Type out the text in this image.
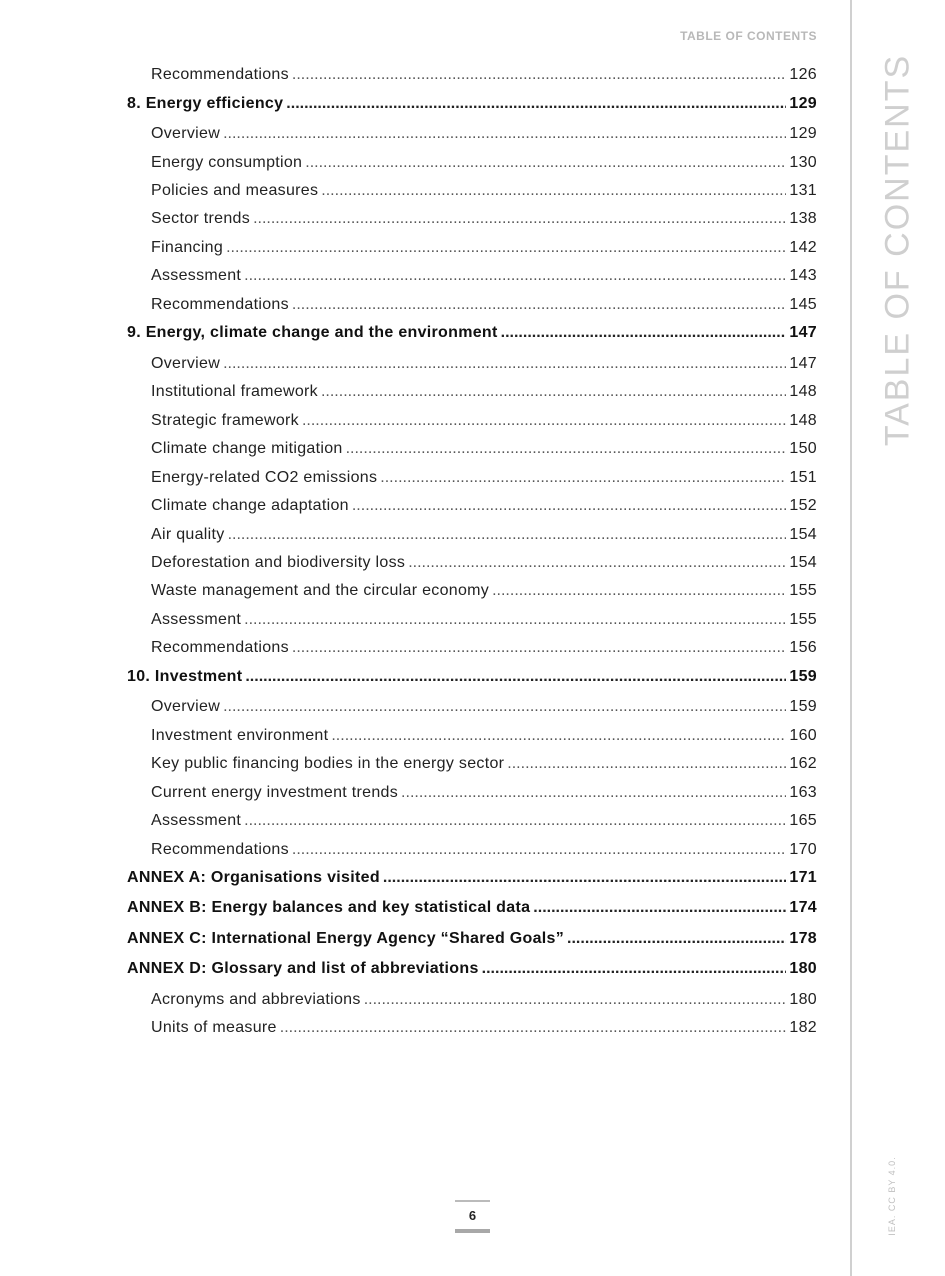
TABLE OF CONTENTS
TABLE OF CONTENTS
IEA. CC BY 4.0.
Recommendations .....	126
8. Energy efficiency .....	129
Overview .....	129
Energy consumption .....	130
Policies and measures .....	131
Sector trends .....	138
Financing .....	142
Assessment .....	143
Recommendations .....	145
9. Energy, climate change and the environment .....	147
Overview .....	147
Institutional framework .....	148
Strategic framework .....	148
Climate change mitigation .....	150
Energy-related CO2 emissions .....	151
Climate change adaptation .....	152
Air quality .....	154
Deforestation and biodiversity loss .....	154
Waste management and the circular economy .....	155
Assessment .....	155
Recommendations .....	156
10. Investment .....	159
Overview .....	159
Investment environment .....	160
Key public financing bodies in the energy sector .....	162
Current energy investment trends .....	163
Assessment .....	165
Recommendations .....	170
ANNEX A: Organisations visited .....	171
ANNEX B: Energy balances and key statistical data .....	174
ANNEX C: International Energy Agency “Shared Goals” .....	178
ANNEX D: Glossary and list of abbreviations .....	180
Acronyms and abbreviations .....	180
Units of measure .....	182
6
